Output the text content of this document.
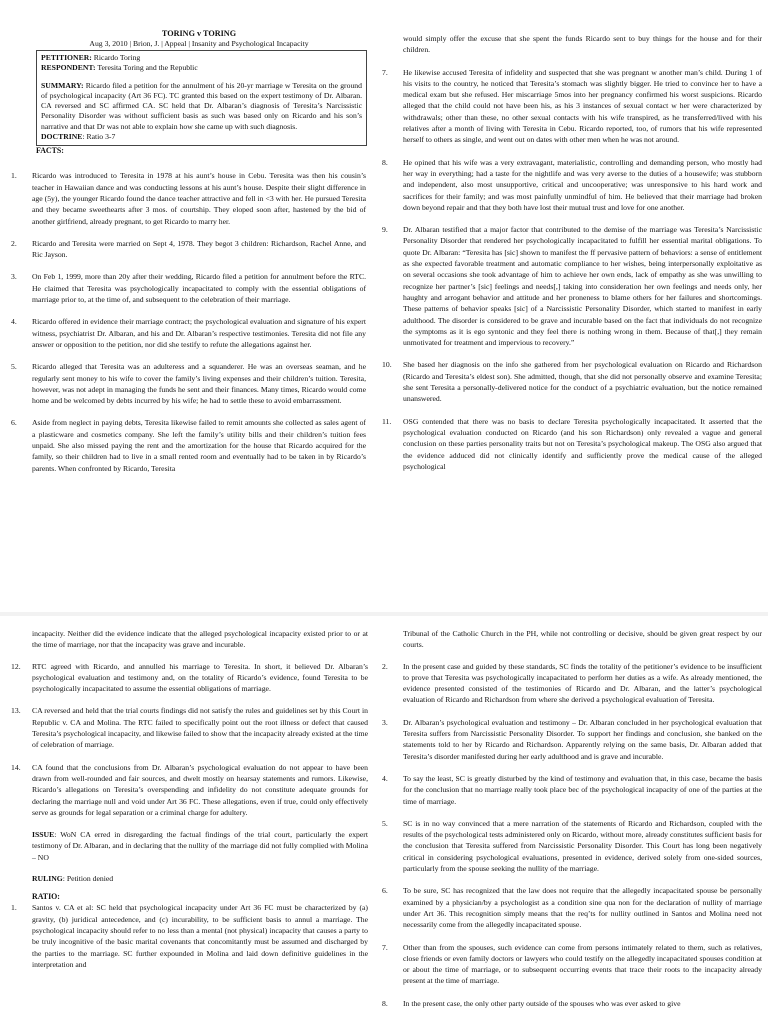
TORING v TORING
Aug 3, 2010 | Brion, J. | Appeal | Insanity and Psychological Incapacity

PETITIONER: Ricardo Toring

RESPONDENT: Teresita Toring and the Republic

SUMMARY: Ricardo filed a petition for the annulment of his 20-yr marriage w Teresita on the ground of psychological incapacity (Art 36 FC). TC granted this based on the expert testimony of Dr. Albaran. CA reversed and SC affirmed CA. SC held that Dr. Albaran’s diagnosis of Teresita’s Narcissistic Personality Disorder was without sufficient basis as such was based only on Ricardo and his son’s narrative and that Dr was not able to explain how she came up with such diagnosis.

DOCTRINE: Ratio 3-7

FACTS:
1. Ricardo was introduced to Teresita in 1978 at his aunt’s house in Cebu. Teresita was then his cousin’s teacher in Hawaiian dance and was conducting lessons at his aunt’s house. Despite their slight difference in age (5y), the younger Ricardo found the dance teacher attractive and fell in <3 with her. He pursued Teresita and they became sweethearts after 3 mos. of courtship. They eloped soon after, hastened by the bid of another girlfriend, already pregnant, to get Ricardo to marry her.
2. Ricardo and Teresita were married on Sept 4, 1978. They begot 3 children: Richardson, Rachel Anne, and Ric Jayson.
3. On Feb 1, 1999, more than 20y after their wedding, Ricardo filed a petition for annulment before the RTC. He claimed that Teresita was psychologically incapacitated to comply with the essential obligations of marriage prior to, at the time of, and subsequent to the celebration of their marriage.
4. Ricardo offered in evidence their marriage contract; the psychological evaluation and signature of his expert witness, psychiatrist Dr. Albaran, and his and Dr. Albaran’s respective testimonies. Teresita did not file any answer or opposition to the petition, nor did she testify to refute the allegations against her.
5. Ricardo alleged that Teresita was an adulteress and a squanderer. He was an overseas seaman, and he regularly sent money to his wife to cover the family’s living expenses and their children’s tuition. Teresita, however, was not adept in managing the funds he sent and their finances. Many times, Ricardo would come home and be welcomed by debts incurred by his wife; he had to settle these to avoid embarrassment.
6. Aside from neglect in paying debts, Teresita likewise failed to remit amounts she collected as sales agent of a plasticware and cosmetics company. She left the family’s utility bills and their children’s tuition fees unpaid. She also missed paying the rent and the amortization for the house that Ricardo acquired for the family, so their children had to live in a small rented room and eventually had to be taken in by Ricardo’s parents. When confronted by Ricardo, Teresita
would simply offer the excuse that she spent the funds Ricardo sent to buy things for the house and for their children.
7. He likewise accused Teresita of infidelity and suspected that she was pregnant w another man’s child. During 1 of his visits to the country, he noticed that Teresita’s stomach was slightly bigger. He tried to convince her to have a medical exam but she refused. Her miscarriage 5mos into her pregnancy confirmed his worst suspicions. Ricardo alleged that the child could not have been his, as his 3 instances of sexual contact w her were characterized by withdrawals; other than these, no other sexual contacts with his wife transpired, as he transferred/lived with his relatives after a month of living with Teresita in Cebu. Ricardo reported, too, of rumors that his wife represented herself to others as single, and went out on dates with other men when he was not around.
8. He opined that his wife was a very extravagant, materialistic, controlling and demanding person, who mostly had her way in everything; had a taste for the nightlife and was very averse to the duties of a housewife; was stubborn and independent, also most unsupportive, critical and uncooperative; was unresponsive to his hard work and sacrifices for their family; and was most painfully unmindful of him. He believed that their marriage had broken down beyond repair and that they both have lost their mutual trust and love for one another.
9. Dr. Albaran testified that a major factor that contributed to the demise of the marriage was Teresita’s Narcissistic Personality Disorder that rendered her psychologically incapacitated to fulfill her essential marital obligations. To quote Dr. Albaran: “Teresita has [sic] shown to manifest the ff pervasive pattern of behaviors: a sense of entitlement as she expected favorable treatment and automatic compliance to her wishes, being interpersonally exploitative as on several occasions she took advantage of him to achieve her own ends, lack of empathy as she was unwilling to recognize her partner’s [sic] feelings and needs[,] taking into consideration her own feelings and needs only, her haughty and arrogant behavior and attitude and her proneness to blame others for her failures and shortcomings. These patterns of behavior speaks [sic] of a Narcissistic Personality Disorder, which started to manifest in early adulthood. The disorder is considered to be grave and incurable based on the fact that individuals do not recognize the symptoms as it is ego syntonic and they feel there is nothing wrong in them. Because of that[,] they remain unmotivated for treatment and impervious to recovery.”
10. She based her diagnosis on the info she gathered from her psychological evaluation on Ricardo and Richardson (Ricardo and Teresita’s eldest son). She admitted, though, that she did not personally observe and examine Teresita; she sent Teresita a personally-delivered notice for the conduct of a psychiatric evaluation, but the notice remained unanswered.
11. OSG contended that there was no basis to declare Teresita psychologically incapacitated. It asserted that the psychological evaluation conducted on Ricardo (and his son Richardson) only revealed a vague and general conclusion on these parties personality traits but not on Teresita’s psychological makeup. The OSG also argued that the evidence adduced did not clinically identify and sufficiently prove the medical cause of the alleged psychological
incapacity. Neither did the evidence indicate that the alleged psychological incapacity existed prior to or at the time of marriage, nor that the incapacity was grave and incurable.
12. RTC agreed with Ricardo, and annulled his marriage to Teresita. In short, it believed Dr. Albaran’s psychological evaluation and testimony and, on the totality of Ricardo’s evidence, found Teresita to be psychologically incapacitated to assume the essential obligations of marriage.
13. CA reversed and held that the trial courts findings did not satisfy the rules and guidelines set by this Court in Republic v. CA and Molina. The RTC failed to specifically point out the root illness or defect that caused Teresita’s psychological incapacity, and likewise failed to show that the incapacity already existed at the time of celebration of marriage.
14. CA found that the conclusions from Dr. Albaran’s psychological evaluation do not appear to have been drawn from well-rounded and fair sources, and dwelt mostly on hearsay statements and rumors. Likewise, Ricardo’s allegations on Teresita’s overspending and infidelity do not constitute adequate grounds for declaring the marriage null and void under Art 36 FC. These allegations, even if true, could only effectively serve as grounds for legal separation or a criminal charge for adultery.
ISSUE: WoN CA erred in disregarding the factual findings of the trial court, particularly the expert testimony of Dr. Albaran, and in declaring that the nullity of the marriage did not fully complied with Molina – NO
RULING: Petition denied
RATIO:
1. Santos v. CA et al: SC held that psychological incapacity under Art 36 FC must be characterized by (a) gravity, (b) juridical antecedence, and (c) incurability, to be sufficient basis to annul a marriage. The psychological incapacity should refer to no less than a mental (not physical) incapacity that causes a party to be truly incognitive of the basic marital covenants that concomitantly must be assumed and discharged by the parties to the marriage. SC further expounded in Molina and laid down definitive guidelines in the interpretation and
Tribunal of the Catholic Church in the PH, while not controlling or decisive, should be given great respect by our courts.
2. In the present case and guided by these standards, SC finds the totality of the petitioner’s evidence to be insufficient to prove that Teresita was psychologically incapacitated to perform her duties as a wife. As already mentioned, the evidence presented consisted of the testimonies of Ricardo and Dr. Albaran, and the latter’s psychological evaluation of Ricardo and Richardson from where she derived a psychological evaluation of Teresita.
3. Dr. Albaran’s psychological evaluation and testimony – Dr. Albaran concluded in her psychological evaluation that Teresita suffers from Narcissistic Personality Disorder. To support her findings and conclusion, she banked on the statements told to her by Ricardo and Richardson. Apparently relying on the same basis, Dr. Albaran added that Teresita’s disorder manifested during her early adulthood and is grave and incurable.
4. To say the least, SC is greatly disturbed by the kind of testimony and evaluation that, in this case, became the basis for the conclusion that no marriage really took place bec of the psychological incapacity of one of the parties at the time of marriage.
5. SC is in no way convinced that a mere narration of the statements of Ricardo and Richardson, coupled with the results of the psychological tests administered only on Ricardo, without more, already constitutes sufficient basis for the conclusion that Teresita suffered from Narcissistic Personality Disorder. This Court has long been negatively critical in considering psychological evaluations, presented in evidence, derived solely from one-sided sources, particularly from the spouse seeking the nullity of the marriage.
6. To be sure, SC has recognized that the law does not require that the allegedly incapacitated spouse be personally examined by a physician/by a psychologist as a condition sine qua non for the declaration of nullity of marriage under Art 36. This recognition simply means that the req’ts for nullity outlined in Santos and Molina need not necessarily come from the allegedly incapacitated spouse.
7. Other than from the spouses, such evidence can come from persons intimately related to them, such as relatives, close friends or even family doctors or lawyers who could testify on the allegedly incapacitated spouses condition at or about the time of marriage, or to subsequent occurring events that trace their roots to the incapacity already present at the time of marriage.
8. In the present case, the only other party outside of the spouses who was ever asked to give
